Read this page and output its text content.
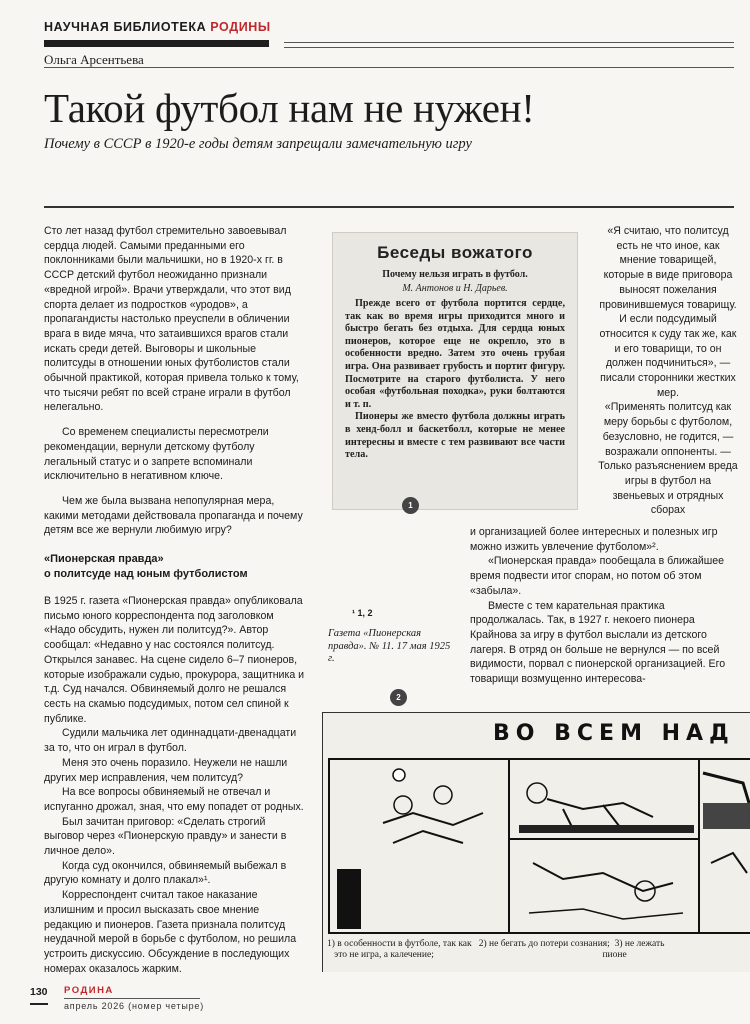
НАУЧНАЯ БИБЛИОТЕКА РОДИНЫ
Ольга Арсентьева
Такой футбол нам не нужен!
Почему в СССР в 1920-е годы детям запрещали замечательную игру

Сто лет назад футбол стремительно завоевывал сердца людей. Самыми преданными его поклонниками были мальчишки, но в 1920-х гг. в СССР детский футбол неожиданно признали «вредной игрой». Врачи утверждали, что этот вид спорта делает из подростков «уродов», а пропагандисты настолько преуспели в обличении врага в виде мяча, что затаившихся врагов стали искать среди детей. Выговоры и школьные политсуды в отношении юных футболистов стали обычной практикой, которая привела только к тому, что тысячи ребят по всей стране играли в футбол нелегально.

Со временем специалисты пересмотрели рекомендации, вернули детскому футболу легальный статус и о запрете вспоминали исключительно в негативном ключе.

Чем же была вызвана непопулярная мера, какими методами действовала пропаганда и почему детям все же вернули любимую игру?

«Пионерская правда»
о политсуде над юным футболистом

В 1925 г. газета «Пионерская правда» опубликовала письмо юного корреспондента под заголовком «Надо обсудить, нужен ли политсуд?». Автор сообщал: «Недавно у нас состоялся политсуд. Открылся занавес. На сцене сидело 6–7 пионеров, которые изображали судью, прокурора, защитника и т.д. Суд начался. Обвиняемый долго не решался сесть на скамью подсудимых, потом сел спиной к публике.

Судили мальчика лет одиннадцати-двенадцати за то, что он играл в футбол.

Меня это очень поразило. Неужели не нашли других мер исправления, чем политсуд?

На все вопросы обвиняемый не отвечал и испуганно дрожал, зная, что ему попадет от родных.

Был зачитан приговор: «Сделать строгий выговор через «Пионерскую правду» и занести в личное дело».

Когда суд окончился, обвиняемый выбежал в другую комнату и долго плакал»¹.

Корреспондент считал такое наказание излишним и просил высказать свое мнение редакцию и пионеров. Газета признала политсуд неудачной мерой в борьбе с футболом, но решила устроить дискуссию. Обсуждение в последующих номерах оказалось жарким.

Беседы вожатого
Почему нельзя играть в футбол.
М. Антонов и Н. Дарьев.

Прежде всего от футбола портится сердце, так как во время игры приходится много и быстро бегать без отдыха. Для сердца юных пионеров, которое еще не окрепло, это в особенности вредно. Затем это очень грубая игра. Она развивает грубость и портит фигуру. Посмотрите на старого футболиста. У него особая «футбольная походка», руки болтаются и т. п.

Пионеры же вместо футбола должны играть в хенд-болл и баскетболл, которые не менее интересны и вместе с тем развивают все части тела.

1

«Я считаю, что политсуд есть не что иное, как мнение товарищей, которые в виде приговора выносят пожелания провинившемуся товарищу. И если подсудимый относится к суду так же, как и его товарищи, то он должен подчиниться», — писали сторонники жестких мер.

«Применять политсуд как меру борьбы с футболом, безусловно, не годится, — возражали оппоненты. — Только разъяснением вреда игры в футбол на звеньевых и отрядных сборах

и организацией более интересных и полезных игр можно изжить увлечение футболом»².

«Пионерская правда» пообещала в ближайшее время подвести итог спорам, но потом об этом «забыла».

Вместе с тем карательная практика продолжалась. Так, в 1927 г. некоего пионера Крайнова за игру в футбол выслали из детского лагеря. В отряд он больше не вернулся — по всей видимости, порвал с пионерской организацией. Его товарищи возмущенно интересова-

¹ 1, 2
Газета «Пионерская правда». № 11. 17 мая 1925 г.
2
ВО ВСЕМ НАД
1) в особенности в футболе, так как   2) не бегать до потери сознания;  3) не лежать
это не игра, а калечение;                                                                       пионе
130 РОДИНА
апрель 2026 (номер четыре)
